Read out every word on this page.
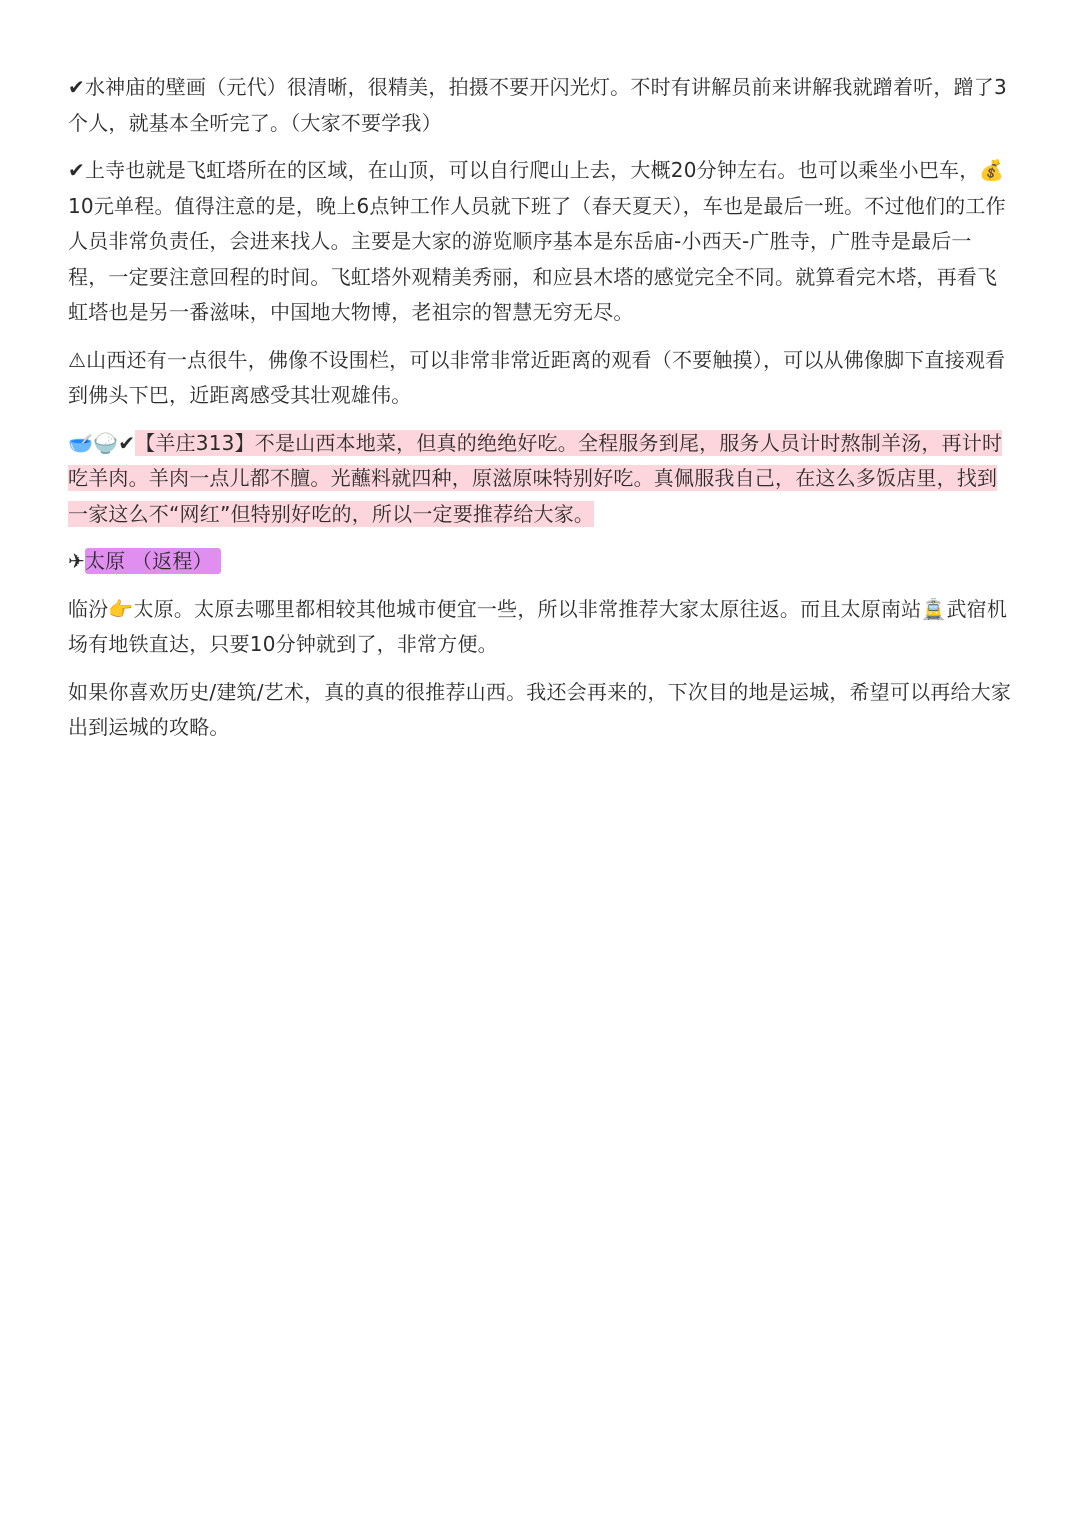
✔水神庙的壁画（元代）很清晰，很精美，拍摄不要开闪光灯。不时有讲解员前来讲解我就蹭着听，蹭了3个人，就基本全听完了。（大家不要学我）

✔上寺也就是飞虹塔所在的区域，在山顶，可以自行爬山上去，大概20分钟左右。也可以乘坐小巴车，💰10元单程。值得注意的是，晚上6点钟工作人员就下班了（春天夏天），车也是最后一班。不过他们的工作人员非常负责任，会进来找人。主要是大家的游览顺序基本是东岳庙-小西天-广胜寺，广胜寺是最后一程，一定要注意回程的时间。飞虹塔外观精美秀丽，和应县木塔的感觉完全不同。就算看完木塔，再看飞虹塔也是另一番滋味，中国地大物博，老祖宗的智慧无穷无尽。

⚠山西还有一点很牛，佛像不设围栏，可以非常非常近距离的观看（不要触摸），可以从佛像脚下直接观看到佛头下巴，近距离感受其壮观雄伟。

🥣🍚✔【羊庄313】不是山西本地菜，但真的绝绝好吃。全程服务到尾，服务人员计时熬制羊汤，再计时吃羊肉。羊肉一点儿都不膻。光蘸料就四种，原滋原味特别好吃。真佩服我自己，在这么多饭店里，找到一家这么不“网红”但特别好吃的，所以一定要推荐给大家。

✈太原 （返程）

临汾👉太原。太原去哪里都相较其他城市便宜一些，所以非常推荐大家太原往返。而且太原南站🚊武宿机场有地铁直达，只要10分钟就到了，非常方便。

如果你喜欢历史/建筑/艺术，真的真的很推荐山西。我还会再来的，下次目的地是运城，希望可以再给大家出到运城的攻略。
